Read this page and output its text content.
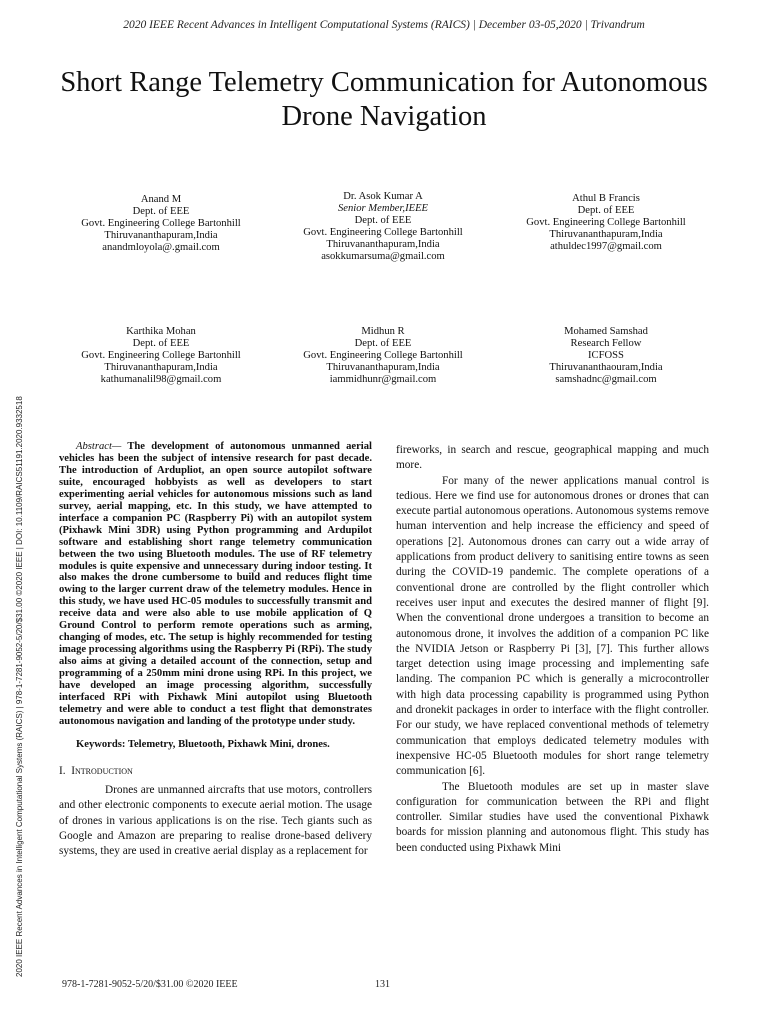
2020 IEEE Recent Advances in Intelligent Computational Systems (RAICS) | December 03-05,2020 | Trivandrum
Short Range Telemetry Communication for Autonomous Drone Navigation
Anand M
Dept. of EEE
Govt. Engineering College Bartonhill
Thiruvananthapuram,India
anandmloyola@.gmail.com
Dr. Asok Kumar A
Senior Member,IEEE
Dept. of EEE
Govt. Engineering College Bartonhill
Thiruvananthapuram,India
asokkumarsuma@gmail.com
Athul B Francis
Dept. of EEE
Govt. Engineering College Bartonhill
Thiruvananthapuram,India
athuldec1997@gmail.com
Karthika Mohan
Dept. of EEE
Govt. Engineering College Bartonhill
Thiruvananthapuram,India
kathumanalil98@gmail.com
Midhun R
Dept. of EEE
Govt. Engineering College Bartonhill
Thiruvananthapuram,India
iammidhunr@gmail.com
Mohamed Samshad
Research Fellow
ICFOSS
Thiruvananthaouram,India
samshadnc@gmail.com
2020 IEEE Recent Advances in Intelligent Computational Systems (RAICS) | 978-1-7281-9052-5/20/$31.00 ©2020 IEEE | DOI: 10.1109/RAICS51191.2020.9332518	Abstract— The development of autonomous unmanned aerial vehicles has been the subject of intensive research for past decade. The introduction of Ardupliot, an open source autopilot software suite, encouraged hobbyists as well as developers to start experimenting aerial vehicles for autonomous missions such as land survey, aerial mapping, etc. In this study, we have attempted to interface a companion PC (Raspberry Pi) with an autopilot system (Pixhawk Mini 3DR) using Python programming and Ardupilot software and establishing short range telemetry communication between the two using Bluetooth modules. The use of RF telemetry modules is quite expensive and unnecessary during indoor testing. It also makes the drone cumbersome to build and reduces flight time owing to the larger current draw of the telemetry modules. Hence in this study, we have used HC-05 modules to successfully transmit and receive data and were also able to use mobile application of Q Ground Control to perform remote operations such as arming, changing of modes, etc. The setup is highly recommended for testing image processing algorithms using the Raspberry Pi (RPi). The study also aims at giving a detailed account of the connection, setup and programming of a 250mm mini drone using RPi. In this project, we have developed an image processing algorithm, successfully interfaced RPi with Pixhawk Mini autopilot using Bluetooth telemetry and were able to conduct a test flight that demonstrates autonomous navigation and landing of the prototype under study.

Keywords: Telemetry, Bluetooth, Pixhawk Mini, drones.

I. Introduction

Drones are unmanned aircrafts that use motors, controllers and other electronic components to execute aerial motion. The usage of drones in various applications is on the rise. Tech giants such as Google and Amazon are preparing to realise drone-based delivery systems, they are used in creative aerial display as a replacement for

fireworks, in search and rescue, geographical mapping and much more.

For many of the newer applications manual control is tedious. Here we find use for autonomous drones or drones that can execute partial autonomous operations. Autonomous systems remove human intervention and help increase the efficiency and speed of operations [2]. Autonomous drones can carry out a wide array of applications from product delivery to sanitising entire towns as seen during the COVID-19 pandemic. The complete operations of a conventional drone are controlled by the flight controller which receives user input and executes the desired manner of flight [9]. When the conventional drone undergoes a transition to become an autonomous drone, it involves the addition of a companion PC like the NVIDIA Jetson or Raspberry Pi [3], [7]. This further allows target detection using image processing and implementing safe landing. The companion PC which is generally a microcontroller with high data processing capability is programmed using Python and dronekit packages in order to interface with the flight controller. For our study, we have replaced conventional methods of telemetry communication that employs dedicated telemetry modules with inexpensive HC-05 Bluetooth modules for short range telemetry communication [6].

The Bluetooth modules are set up in master slave configuration for communication between the RPi and flight controller. Similar studies have used the conventional Pixhawk boards for mission planning and autonomous flight. This study has been conducted using Pixhawk Mini

978-1-7281-9052-5/20/$31.00 ©2020 IEEE	131
